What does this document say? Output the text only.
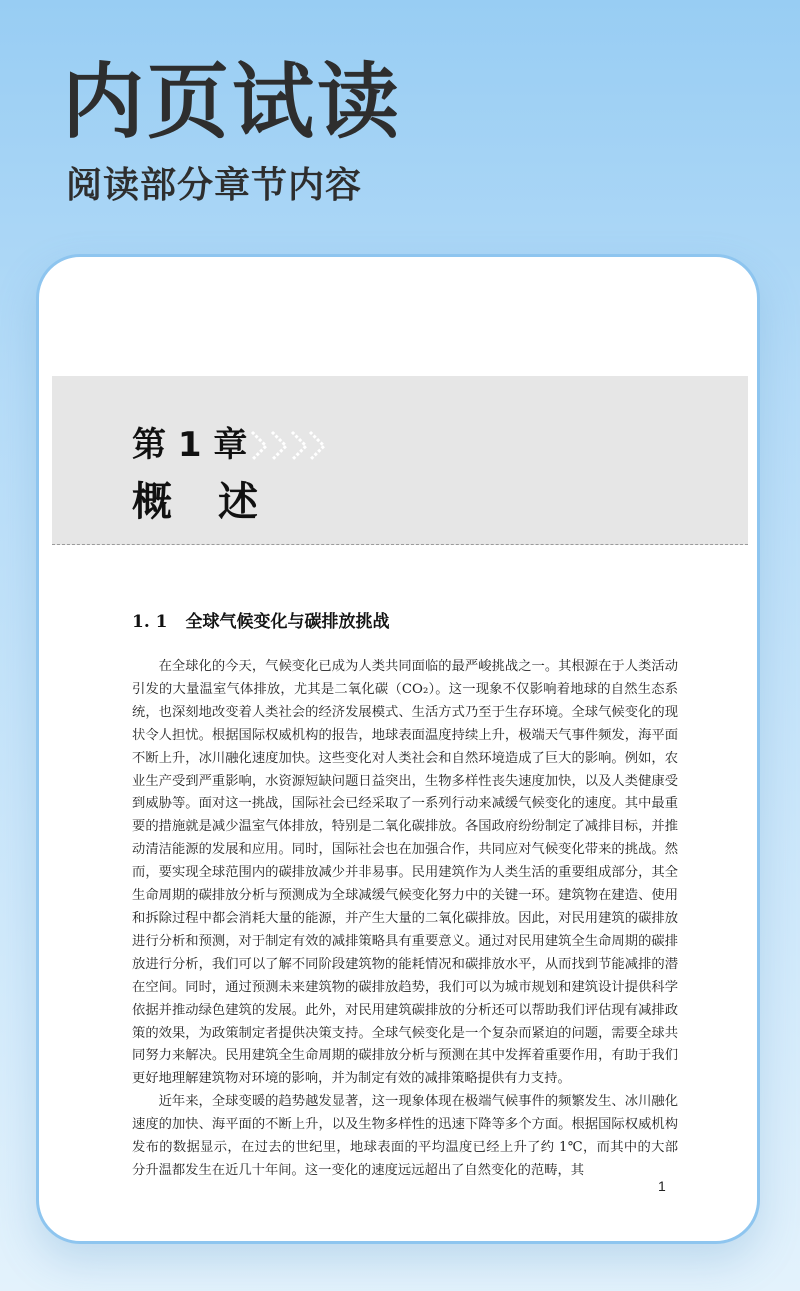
内页试读
阅读部分章节内容
第 1 章
概述
1. 1 全球气候变化与碳排放挑战

在全球化的今天，气候变化已成为人类共同面临的最严峻挑战之一。其根源在于人类活动引发的大量温室气体排放，尤其是二氧化碳（CO₂）。这一现象不仅影响着地球的自然生态系统，也深刻地改变着人类社会的经济发展模式、生活方式乃至于生存环境。全球气候变化的现状令人担忧。根据国际权威机构的报告，地球表面温度持续上升，极端天气事件频发，海平面不断上升，冰川融化速度加快。这些变化对人类社会和自然环境造成了巨大的影响。例如，农业生产受到严重影响，水资源短缺问题日益突出，生物多样性丧失速度加快，以及人类健康受到威胁等。面对这一挑战，国际社会已经采取了一系列行动来减缓气候变化的速度。其中最重要的措施就是减少温室气体排放，特别是二氧化碳排放。各国政府纷纷制定了减排目标，并推动清洁能源的发展和应用。同时，国际社会也在加强合作，共同应对气候变化带来的挑战。然而，要实现全球范围内的碳排放减少并非易事。民用建筑作为人类生活的重要组成部分，其全生命周期的碳排放分析与预测成为全球减缓气候变化努力中的关键一环。建筑物在建造、使用和拆除过程中都会消耗大量的能源，并产生大量的二氧化碳排放。因此，对民用建筑的碳排放进行分析和预测，对于制定有效的减排策略具有重要意义。通过对民用建筑全生命周期的碳排放进行分析，我们可以了解不同阶段建筑物的能耗情况和碳排放水平，从而找到节能减排的潜在空间。同时，通过预测未来建筑物的碳排放趋势，我们可以为城市规划和建筑设计提供科学依据并推动绿色建筑的发展。此外，对民用建筑碳排放的分析还可以帮助我们评估现有减排政策的效果，为政策制定者提供决策支持。全球气候变化是一个复杂而紧迫的问题，需要全球共同努力来解决。民用建筑全生命周期的碳排放分析与预测在其中发挥着重要作用，有助于我们更好地理解建筑物对环境的影响，并为制定有效的减排策略提供有力支持。

近年来，全球变暖的趋势越发显著，这一现象体现在极端气候事件的频繁发生、冰川融化速度的加快、海平面的不断上升，以及生物多样性的迅速下降等多个方面。根据国际权威机构发布的数据显示，在过去的世纪里，地球表面的平均温度已经上升了约 1℃，而其中的大部分升温都发生在近几十年间。这一变化的速度远远超出了自然变化的范畴，其

1
